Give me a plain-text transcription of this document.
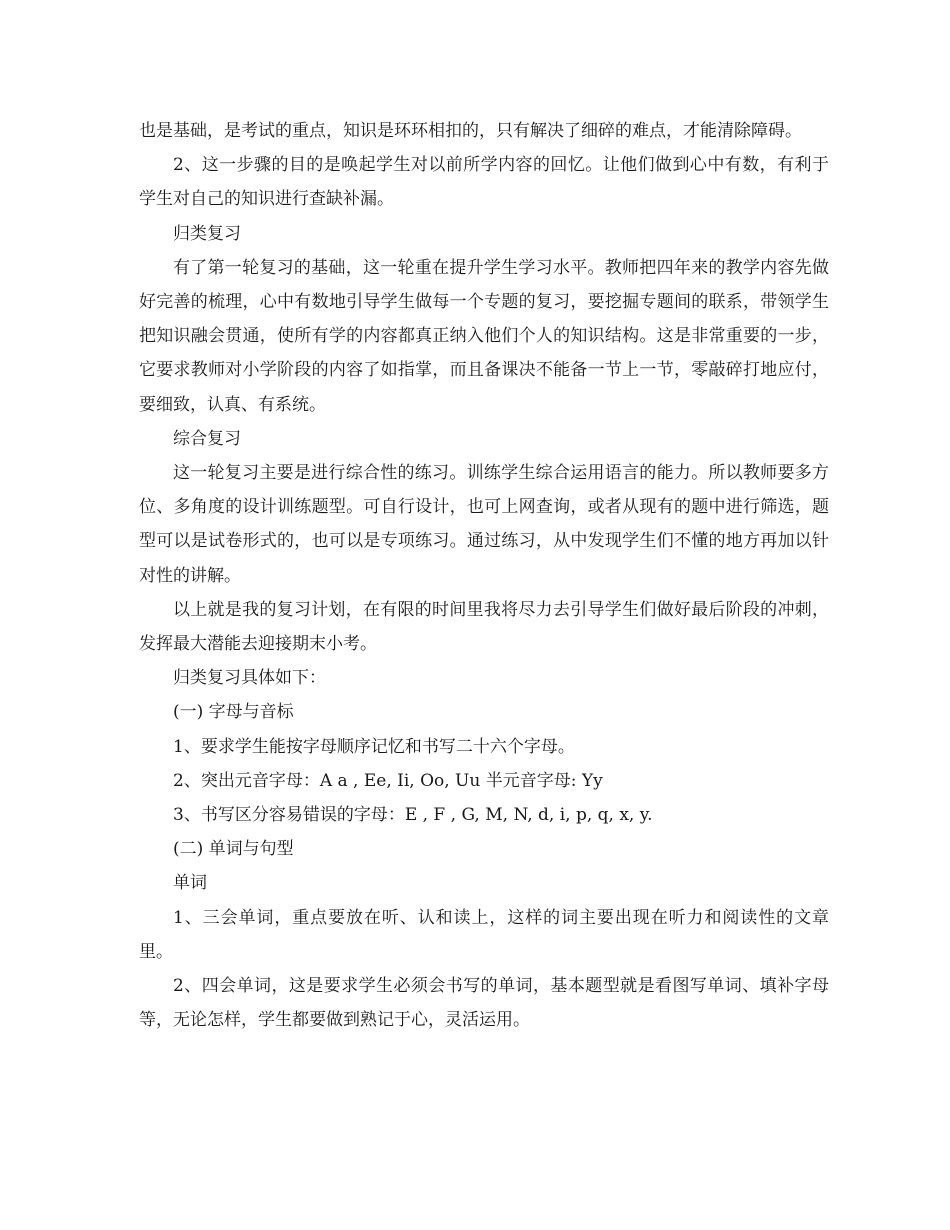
也是基础，是考试的重点，知识是环环相扣的，只有解决了细碎的难点，才能清除障碍。

2、这一步骤的目的是唤起学生对以前所学内容的回忆。让他们做到心中有数，有利于学生对自己的知识进行查缺补漏。

归类复习

有了第一轮复习的基础，这一轮重在提升学生学习水平。教师把四年来的教学内容先做好完善的梳理，心中有数地引导学生做每一个专题的复习，要挖掘专题间的联系，带领学生把知识融会贯通，使所有学的内容都真正纳入他们个人的知识结构。这是非常重要的一步，它要求教师对小学阶段的内容了如指掌，而且备课决不能备一节上一节，零敲碎打地应付，要细致，认真、有系统。

综合复习

这一轮复习主要是进行综合性的练习。训练学生综合运用语言的能力。所以教师要多方位、多角度的设计训练题型。可自行设计，也可上网查询，或者从现有的题中进行筛选，题型可以是试卷形式的，也可以是专项练习。通过练习，从中发现学生们不懂的地方再加以针对性的讲解。

以上就是我的复习计划，在有限的时间里我将尽力去引导学生们做好最后阶段的冲刺，发挥最大潜能去迎接期末小考。

归类复习具体如下：

(一) 字母与音标

1、要求学生能按字母顺序记忆和书写二十六个字母。

2、突出元音字母：A a , Ee, Ii, Oo, Uu 半元音字母: Yy

3、书写区分容易错误的字母：E , F , G, M, N, d, i, p, q, x, y.

(二) 单词与句型

单词

1、三会单词，重点要放在听、认和读上，这样的词主要出现在听力和阅读性的文章里。

2、四会单词，这是要求学生必须会书写的单词，基本题型就是看图写单词、填补字母等，无论怎样，学生都要做到熟记于心，灵活运用。
